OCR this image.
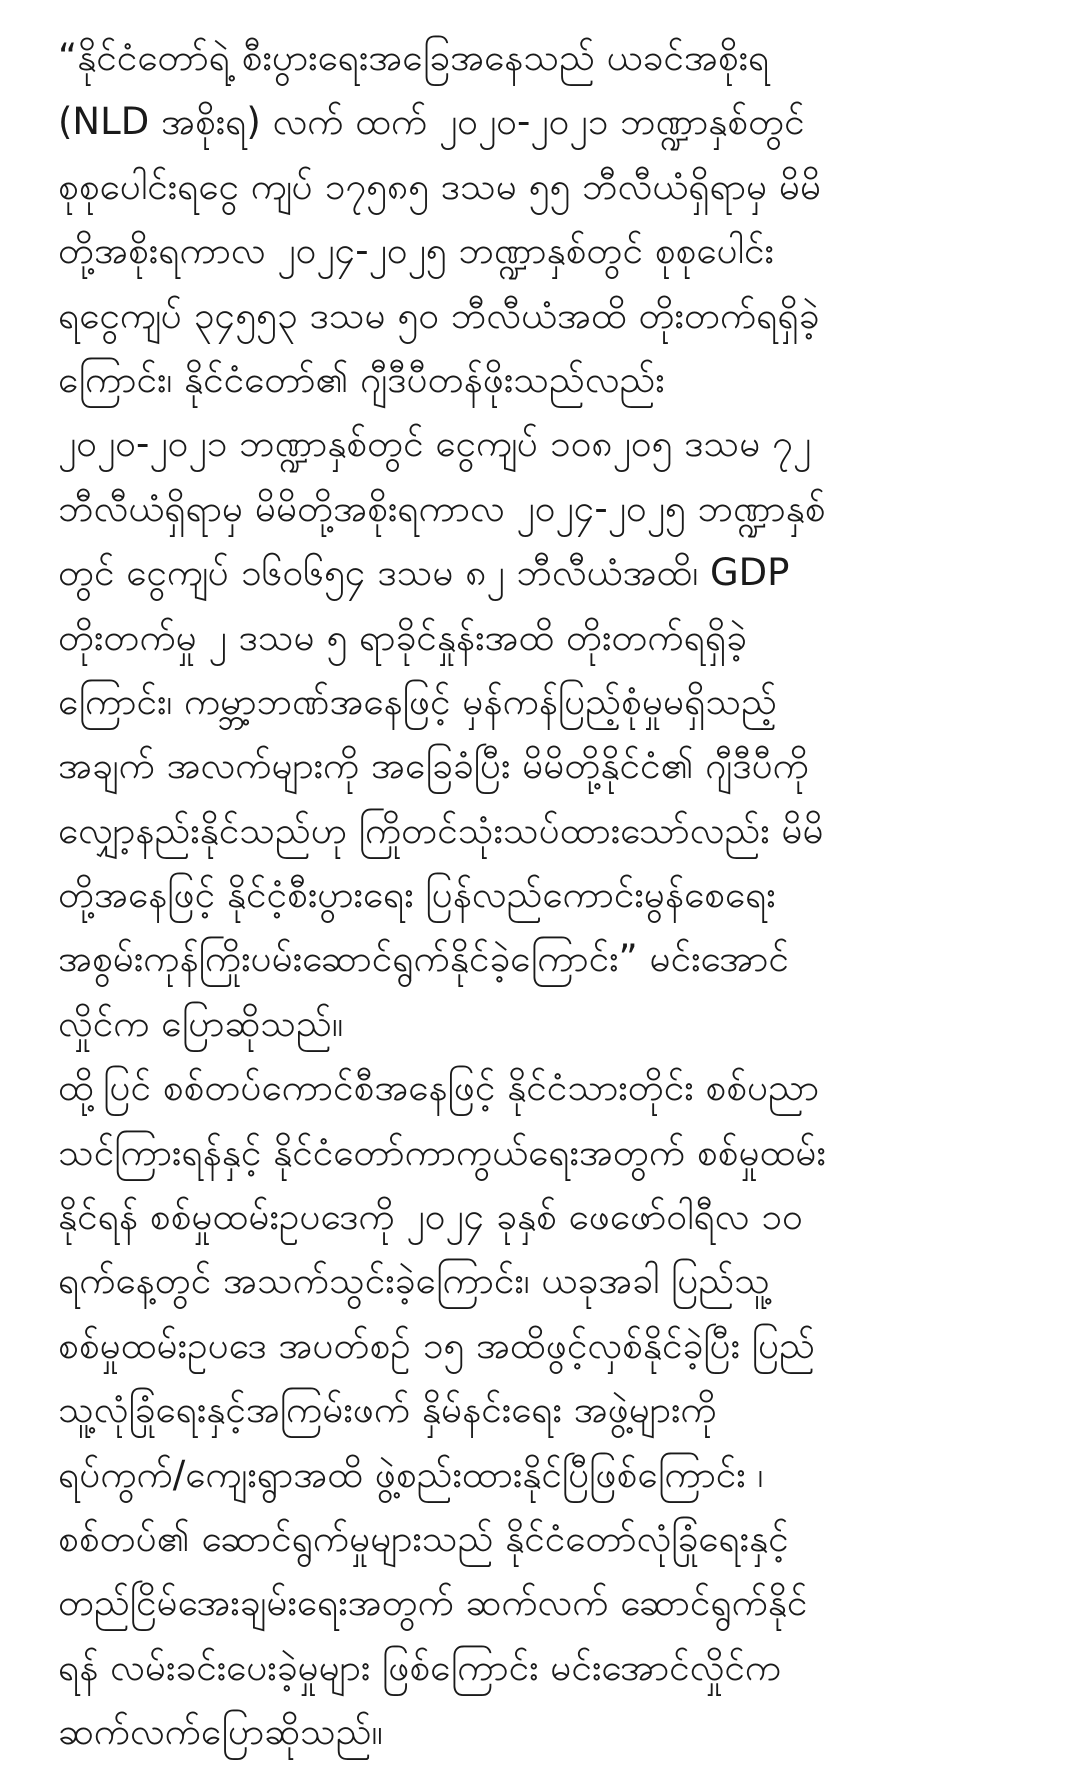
“နိုင်ငံတော်ရဲ့ စီးပွားရေးအခြေအနေသည် ယခင်အစိုးရ
(NLD အစိုးရ) လက် ထက် ၂၀၂၀-၂၀၂၁ ဘဏ္ဍာနှစ်တွင်
စုစုပေါင်းရငွေ ကျပ် ၁၇၅၈၅ ဒသမ ၅၅ ဘီလီယံရှိရာမှ မိမိ
တို့အစိုးရကာလ ၂၀၂၄-၂၀၂၅ ဘဏ္ဍာနှစ်တွင် စုစုပေါင်း
ရငွေကျပ် ၃၄၅၅၃ ဒသမ ၅၀ ဘီလီယံအထိ တိုးတက်ရရှိခဲ့
ကြောင်း၊ နိုင်ငံတော်၏ ဂျီဒီပီတန်ဖိုးသည်လည်း
၂၀၂၀-၂၀၂၁ ဘဏ္ဍာနှစ်တွင် ငွေကျပ် ၁၀၈၂၀၅ ဒသမ ၇၂
ဘီလီယံရှိရာမှ မိမိတို့အစိုးရကာလ ၂၀၂၄-၂၀၂၅ ဘဏ္ဍာနှစ်
တွင် ငွေကျပ် ၁၆၀၆၅၄ ဒသမ ၈၂ ဘီလီယံအထိ၊ GDP
တိုးတက်မှု ၂ ဒသမ ၅ ရာခိုင်နှုန်းအထိ တိုးတက်ရရှိခဲ့
ကြောင်း၊ ကမ္ဘာ့ဘဏ်အနေဖြင့် မှန်ကန်ပြည့်စုံမှုမရှိသည့်
အချက် အလက်များကို အခြေခံပြီး မိမိတို့နိုင်ငံ၏ ဂျီဒီပီကို
လျှော့နည်းနိုင်သည်ဟု ကြိုတင်သုံးသပ်ထားသော်လည်း မိမိ
တို့အနေဖြင့် နိုင်ငံ့စီးပွားရေး ပြန်လည်ကောင်းမွန်စေရေး
အစွမ်းကုန်ကြိုးပမ်းဆောင်ရွက်နိုင်ခဲ့ကြောင်း” မင်းအောင်
လှိုင်က ပြောဆိုသည်။
ထို့ပြင် စစ်တပ်ကောင်စီအနေဖြင့် နိုင်ငံသားတိုင်း စစ်ပညာ
သင်ကြားရန်နှင့် နိုင်ငံတော်ကာကွယ်ရေးအတွက် စစ်မှုထမ်း
နိုင်ရန် စစ်မှုထမ်းဥပဒေကို ၂၀၂၄ ခုနှစ် ဖေဖော်ဝါရီလ ၁၀
ရက်နေ့တွင် အသက်သွင်းခဲ့ကြောင်း၊ ယခုအခါ ပြည်သူ့
စစ်မှုထမ်းဥပဒေ အပတ်စဉ် ၁၅ အထိဖွင့်လှစ်နိုင်ခဲ့ပြီး ပြည်
သူ့လုံခြုံရေးနှင့်အကြမ်းဖက် နှိမ်နင်းရေး အဖွဲ့များကို
ရပ်ကွက်/ကျေးရွာအထိ ဖွဲ့စည်းထားနိုင်ပြီဖြစ်ကြောင်း ၊
စစ်တပ်၏ ဆောင်ရွက်မှုများသည် နိုင်ငံတော်လုံခြုံရေးနှင့်
တည်ငြိမ်အေးချမ်းရေးအတွက် ဆက်လက် ဆောင်ရွက်နိုင်
ရန် လမ်းခင်းပေးခဲ့မှုများ ဖြစ်ကြောင်း မင်းအောင်လှိုင်က
ဆက်လက်ပြောဆိုသည်။
